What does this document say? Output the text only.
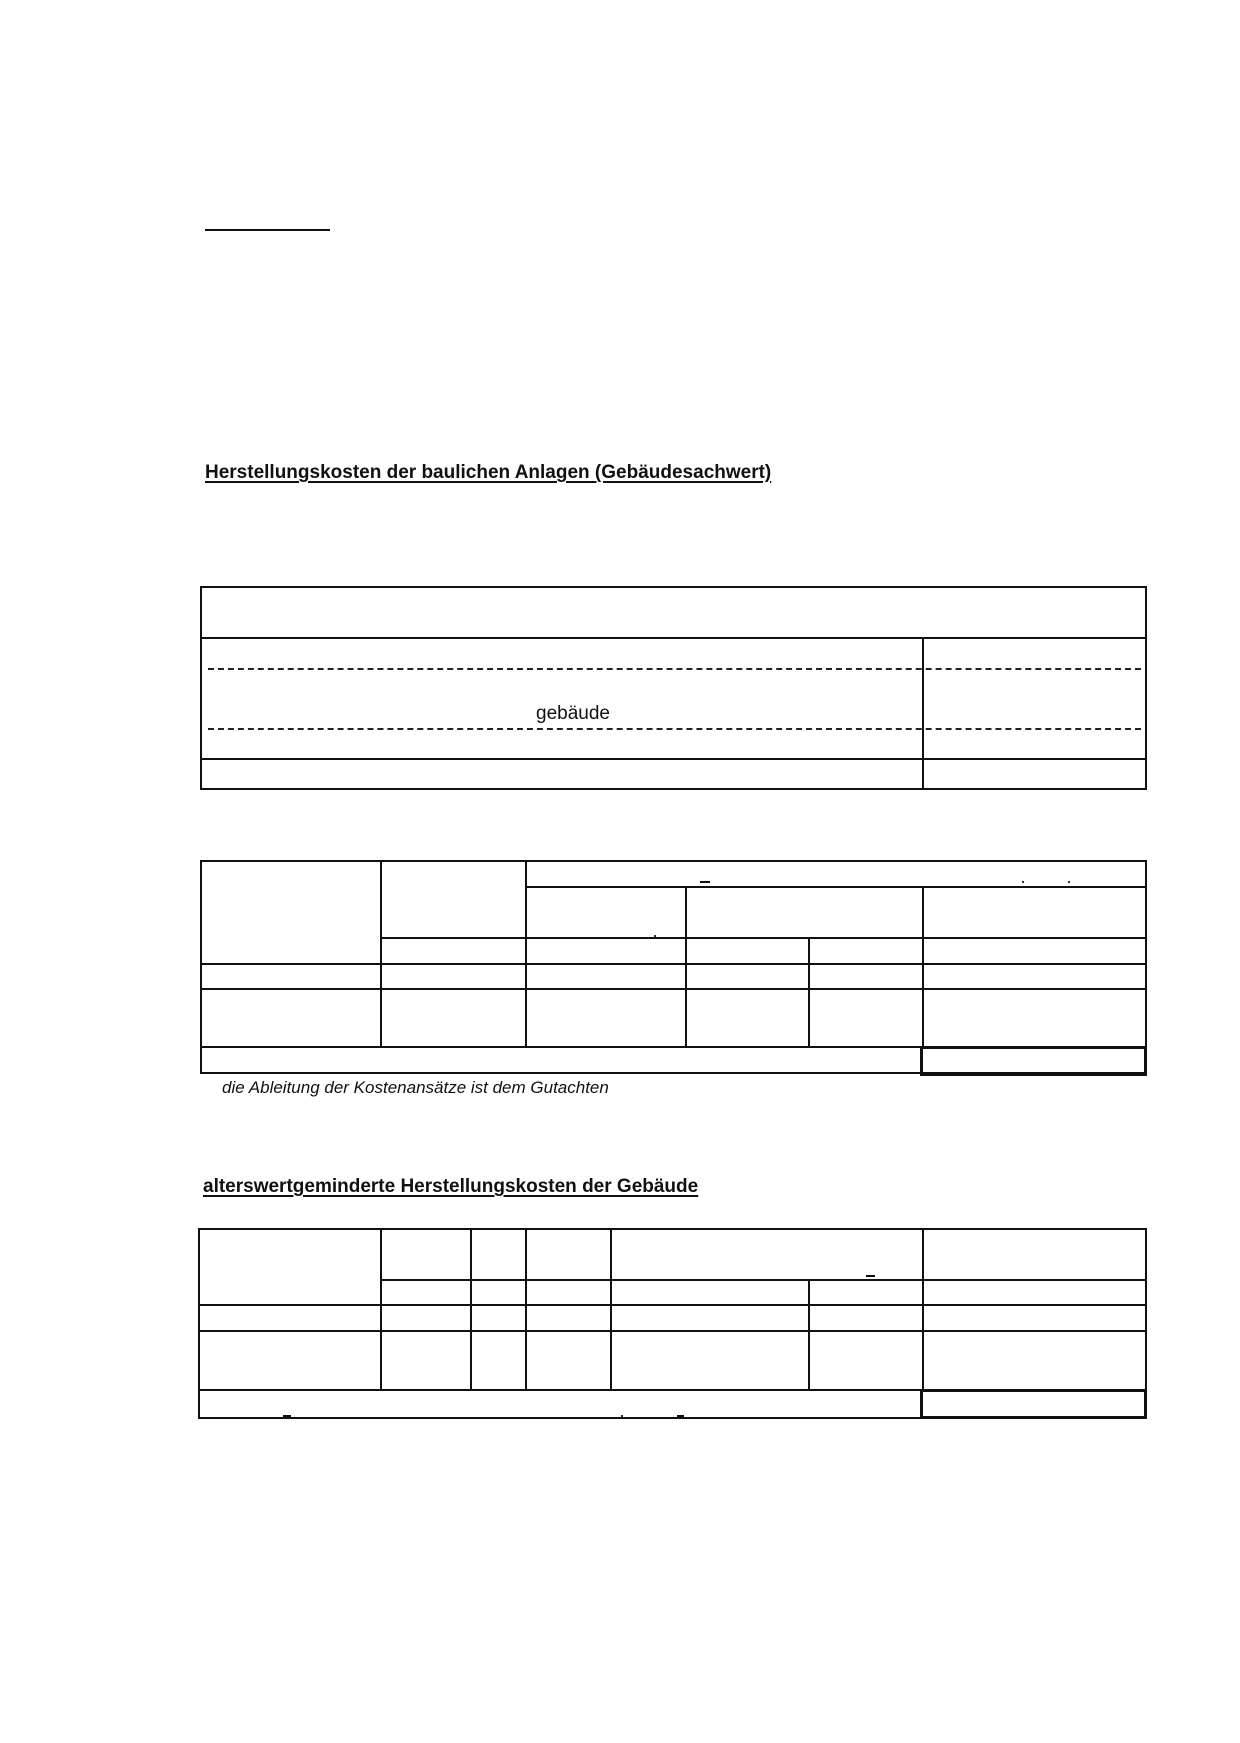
Herstellungskosten der baulichen Anlagen (Gebäudesachwert)
gebäude
die Ableitung der Kostenansätze ist dem Gutachten
alterswertgeminderte Herstellungskosten der Gebäude
